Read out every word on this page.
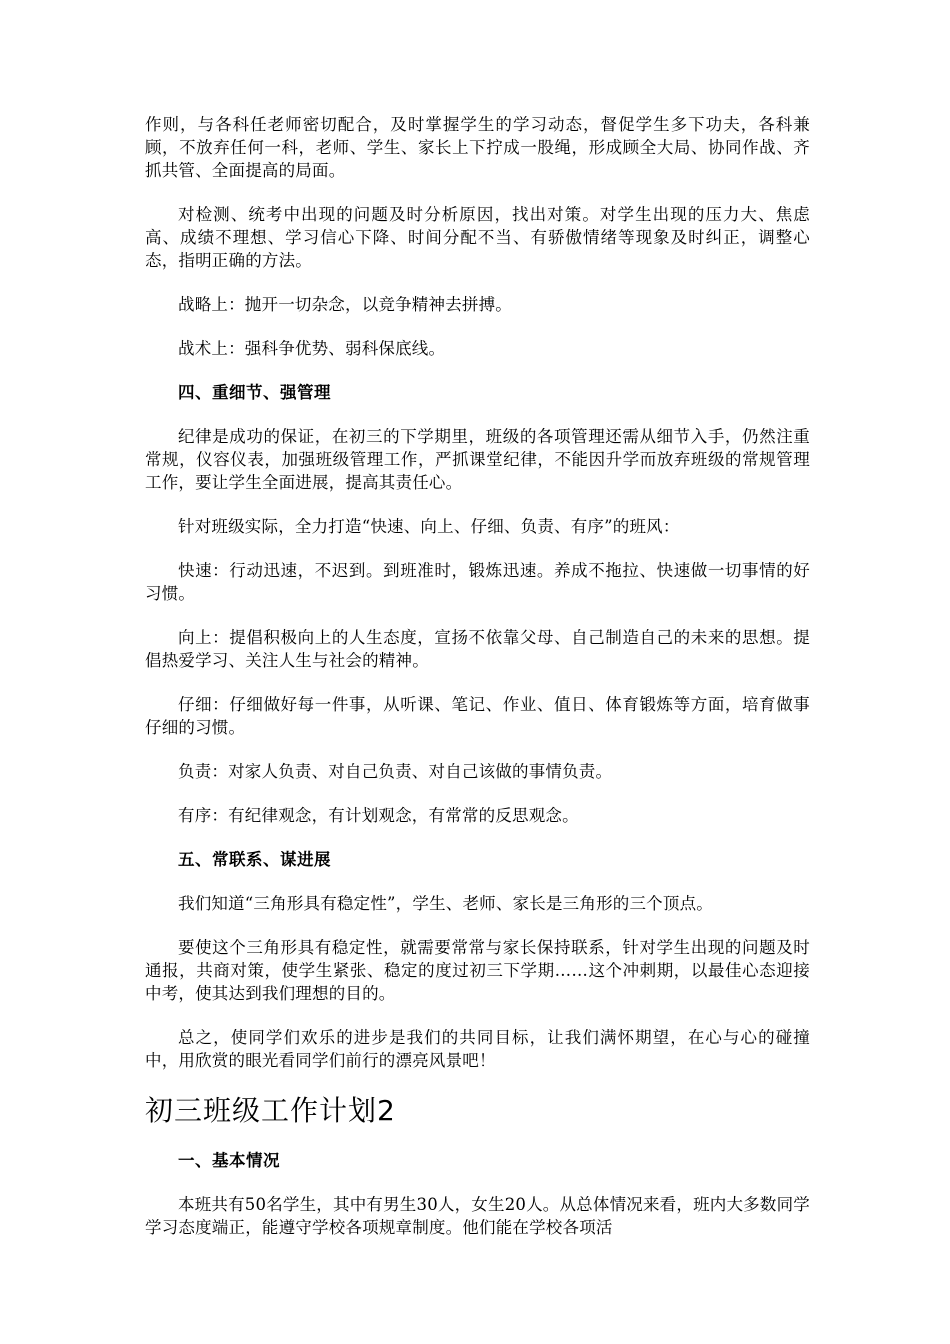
作则，与各科任老师密切配合，及时掌握学生的学习动态，督促学生多下功夫，各科兼顾，不放弃任何一科，老师、学生、家长上下拧成一股绳，形成顾全大局、协同作战、齐抓共管、全面提高的局面。

对检测、统考中出现的问题及时分析原因，找出对策。对学生出现的压力大、焦虑高、成绩不理想、学习信心下降、时间分配不当、有骄傲情绪等现象及时纠正，调整心态，指明正确的方法。

战略上：抛开一切杂念，以竞争精神去拼搏。

战术上：强科争优势、弱科保底线。

四、重细节、强管理

纪律是成功的保证，在初三的下学期里，班级的各项管理还需从细节入手，仍然注重常规，仪容仪表，加强班级管理工作，严抓课堂纪律，不能因升学而放弃班级的常规管理工作，要让学生全面进展，提高其责任心。

针对班级实际，全力打造“快速、向上、仔细、负责、有序”的班风：

快速：行动迅速，不迟到。到班准时，锻炼迅速。养成不拖拉、快速做一切事情的好习惯。

向上：提倡积极向上的人生态度，宣扬不依靠父母、自己制造自己的未来的思想。提倡热爱学习、关注人生与社会的精神。

仔细：仔细做好每一件事，从听课、笔记、作业、值日、体育锻炼等方面，培育做事仔细的习惯。

负责：对家人负责、对自己负责、对自己该做的事情负责。

有序：有纪律观念，有计划观念，有常常的反思观念。

五、常联系、谋进展

我们知道“三角形具有稳定性”，学生、老师、家长是三角形的三个顶点。

要使这个三角形具有稳定性，就需要常常与家长保持联系，针对学生出现的问题及时通报，共商对策，使学生紧张、稳定的度过初三下学期……这个冲刺期，以最佳心态迎接中考，使其达到我们理想的目的。

总之，使同学们欢乐的进步是我们的共同目标，让我们满怀期望，在心与心的碰撞中，用欣赏的眼光看同学们前行的漂亮风景吧！

初三班级工作计划2
一、基本情况

本班共有50名学生，其中有男生30人，女生20人。从总体情况来看，班内大多数同学学习态度端正，能遵守学校各项规章制度。他们能在学校各项活
